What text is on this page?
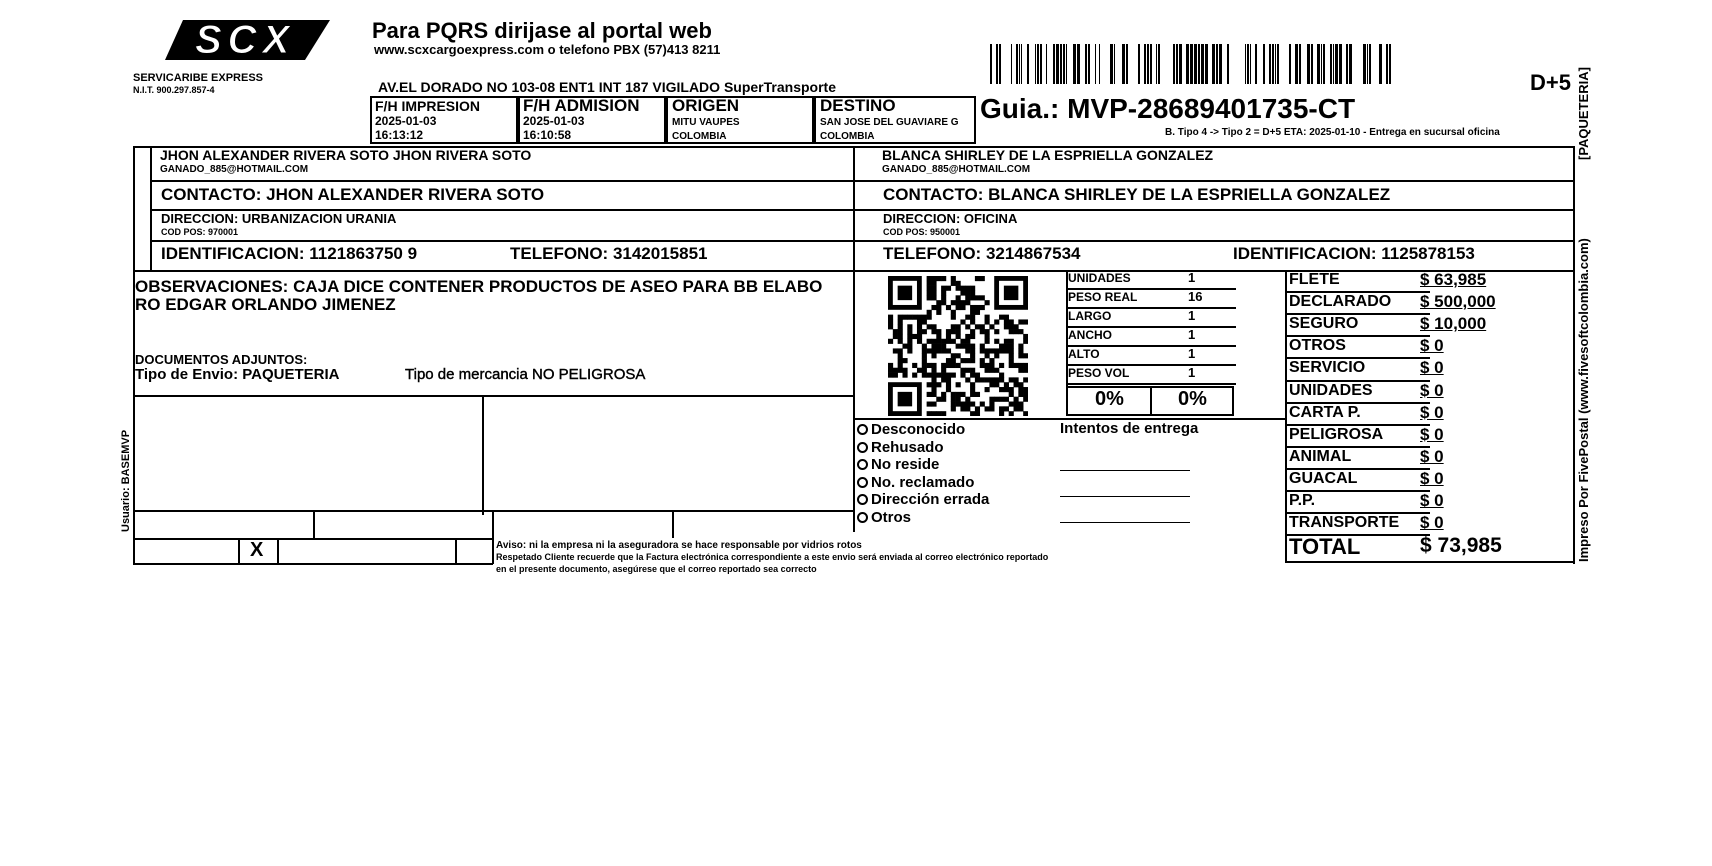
SCX
SERVICARIBE EXPRESS
N.I.T. 900.297.857-4
Para PQRS dirijase al portal web
www.scxcargoexpress.com o telefono PBX (57)413 8211
AV.EL DORADO NO 103-08 ENT1 INT 187 VIGILADO SuperTransporte	D+5
F/H IMPRESION
2025-01-03
16:13:12
F/H ADMISION
2025-01-03
16:10:58
ORIGEN
MITU VAUPES
COLOMBIA
DESTINO
SAN JOSE DEL GUAVIARE G
COLOMBIA
Guia.: MVP-28689401735-CT
B. Tipo 4 -> Tipo 2 = D+5 ETA: 2025-01-10 - Entrega en sucursal oficina
JHON ALEXANDER RIVERA SOTO JHON RIVERA SOTO
GANADO_885@HOTMAIL.COM
CONTACTO: JHON ALEXANDER RIVERA SOTO
DIRECCION: URBANIZACION URANIA
COD POS: 970001
IDENTIFICACION: 1121863750 9	TELEFONO: 3142015851
BLANCA SHIRLEY DE LA ESPRIELLA GONZALEZ
GANADO_885@HOTMAIL.COM
CONTACTO: BLANCA SHIRLEY DE LA ESPRIELLA GONZALEZ
DIRECCION: OFICINA
COD POS: 950001
TELEFONO: 3214867534	IDENTIFICACION: 1125878153
OBSERVACIONES: CAJA DICE CONTENER PRODUCTOS DE ASEO PARA BB ELABO
RO EDGAR ORLANDO JIMENEZ
DOCUMENTOS ADJUNTOS:
Tipo de Envio: PAQUETERIA	Tipo de mercancia NO PELIGROSA
X	Aviso: ni la empresa ni la aseguradora se hace responsable por vidrios rotos
Respetado Cliente recuerde que la Factura electrónica correspondiente a este envio será enviada al correo electrónico reportado
en el presente documento, asegúrese que el correo reportado sea correcto
UNIDADES	1
PESO REAL	16
LARGO	1
ANCHO	1
ALTO	1
PESO VOL	1
0%	0%
Desconocido
Rehusado
No reside
No. reclamado
Dirección errada
Otros
Intentos de entrega
FLETE	$ 63,985
DECLARADO $ 500,000
SEGURO	$ 10,000
OTROS	$ 0
SERVICIO	$ 0
UNIDADES	$ 0
CARTA P.	$ 0
PELIGROSA $ 0
ANIMAL	$ 0
GUACAL	$ 0
P.P.	$ 0
TRANSPORTE $ 0
TOTAL	$ 73,985
Usuario: BASEMVP	Impreso Por FivePostal (www.fivesoftcolombia.com)
[PAQUETERIA]
